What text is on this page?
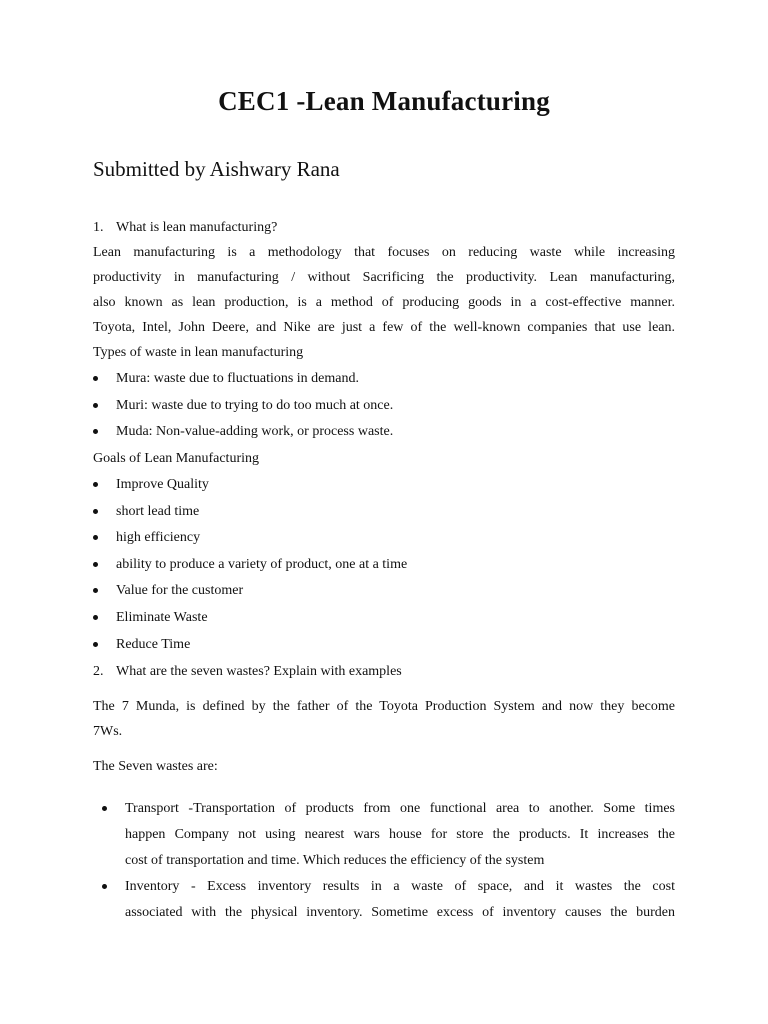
CEC1 -Lean Manufacturing
Submitted by Aishwary Rana
1. What is lean manufacturing?
Lean manufacturing is a methodology that focuses on reducing waste while increasing
productivity in manufacturing / without Sacrificing the productivity. Lean manufacturing,
also known as lean production, is a method of producing goods in a cost-effective manner.
Toyota, Intel, John Deere, and Nike are just a few of the well-known companies that use lean.
Types of waste in lean manufacturing
Mura: waste due to fluctuations in demand.
Muri: waste due to trying to do too much at once.
Muda: Non-value-adding work, or process waste.
Goals of Lean Manufacturing
Improve Quality
short lead time
high efficiency
ability to produce a variety of product, one at a time
Value for the customer
Eliminate Waste
Reduce Time
2. What are the seven wastes? Explain with examples
The 7 Munda, is defined by the father of the Toyota Production System and now they become
7Ws.
The Seven wastes are:
Transport -Transportation of products from one functional area to another. Some times
happen Company not using nearest wars house for store the products. It increases the
cost of transportation and time. Which reduces the efficiency of the system
Inventory - Excess inventory results in a waste of space, and it wastes the cost
associated with the physical inventory. Sometime excess of inventory causes the burden
